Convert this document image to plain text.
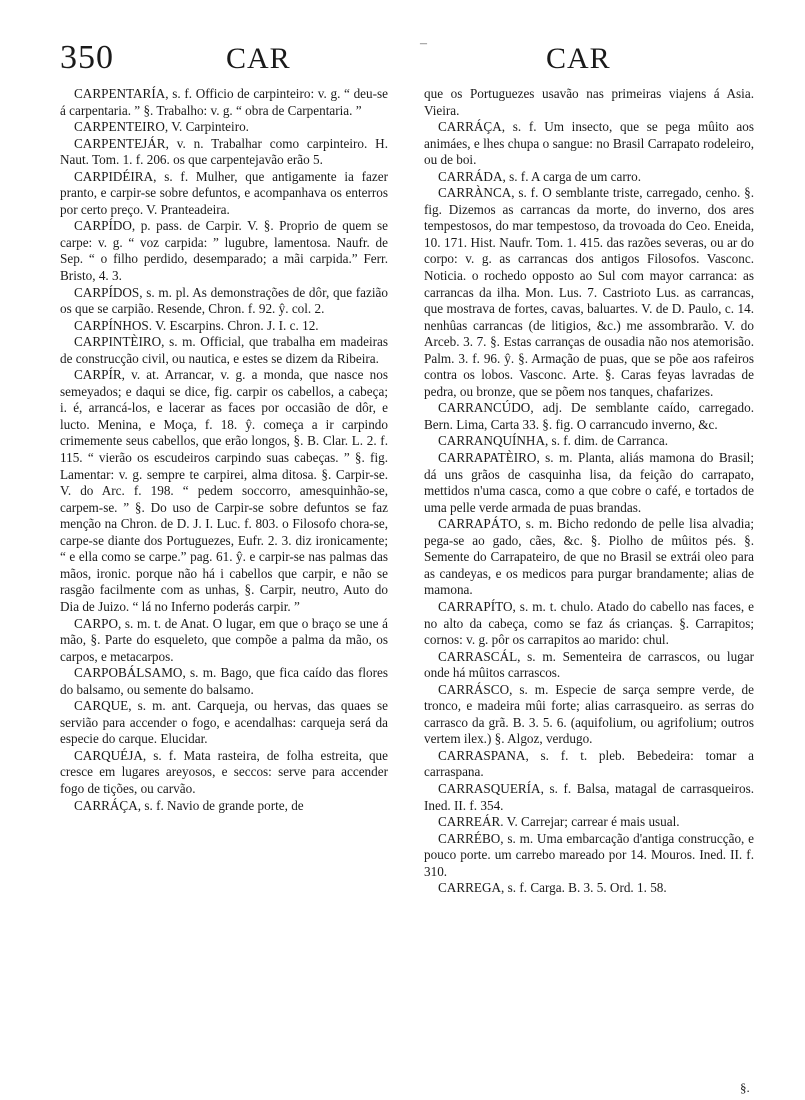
350	CAR	–	CAR

CARPENTARÍA, s. f. Officio de carpinteiro: v. g. “ deu-se á carpentaria. ” §. Trabalho: v. g. “ obra de Carpentaria. ”

CARPENTEIRO, V. Carpinteiro.

CARPENTEJÁR, v. n. Trabalhar como carpinteiro. H. Naut. Tom. 1. f. 206. os que carpentejavão erão 5.

CARPIDÉIRA, s. f. Mulher, que antigamente ia fazer pranto, e carpir-se sobre defuntos, e acompanhava os enterros por certo preço. V. Pranteadeira.

CARPÍDO, p. pass. de Carpir. V. §. Proprio de quem se carpe: v. g. “ voz carpida: ” lugubre, lamentosa. Naufr. de Sep. “ o filho perdido, desemparado; a mãi carpida.” Ferr. Bristo, 4. 3.

CARPÍDOS, s. m. pl. As demonstrações de dôr, que fazião os que se carpião. Resende, Chron. f. 92. ŷ. col. 2.

CARPÍNHOS. V. Escarpins. Chron. J. I. c. 12.

CARPINTÈIRO, s. m. Official, que trabalha em madeiras de construcção civil, ou nautica, e estes se dizem da Ribeira.

CARPÍR, v. at. Arrancar, v. g. a monda, que nasce nos semeyados; e daqui se dice, fig. carpir os cabellos, a cabeça; i. é, arrancá-los, e lacerar as faces por occasião de dôr, e lucto. Menina, e Moça, f. 18. ŷ. começa a ir carpindo crimemente seus cabellos, que erão longos, §. B. Clar. L. 2. f. 115. “ vierão os escudeiros carpindo suas cabeças. ” §. fig. Lamentar: v. g. sempre te carpirei, alma ditosa. §. Carpir-se. V. do Arc. f. 198. “ pedem soccorro, amesquinhão-se, carpem-se. ” §. Do uso de Carpir-se sobre defuntos se faz menção na Chron. de D. J. I. Luc. f. 803. o Filosofo chora-se, carpe-se diante dos Portuguezes, Eufr. 2. 3. diz ironicamente; “ e ella como se carpe.” pag. 61. ŷ. e carpir-se nas palmas das mãos, ironic. porque não há i cabellos que carpir, e não se rasgão facilmente com as unhas, §. Carpir, neutro, Auto do Dia de Juizo. “ lá no Inferno poderás carpir. ”

CARPO, s. m. t. de Anat. O lugar, em que o braço se une á mão, §. Parte do esqueleto, que compõe a palma da mão, os carpos, e metacarpos.

CARPOBÁLSAMO, s. m. Bago, que fica caído das flores do balsamo, ou semente do balsamo.

CARQUE, s. m. ant. Carqueja, ou hervas, das quaes se servião para accender o fogo, e acendalhas: carqueja será da especie do carque. Elucidar.

CARQUÉJA, s. f. Mata rasteira, de folha estreita, que cresce em lugares areyosos, e seccos: serve para accender fogo de tições, ou carvão.

CARRÁÇA, s. f. Navio de grande porte, de

que os Portuguezes usavão nas primeiras viajens á Asia. Vieira.

CARRÁÇA, s. f. Um insecto, que se pega mûito aos animáes, e lhes chupa o sangue: no Brasil Carrapato rodeleiro, ou de boi.

CARRÁDA, s. f. A carga de um carro.

CARRÀNCA, s. f. O semblante triste, carregado, cenho. §. fig. Dizemos as carrancas da morte, do inverno, dos ares tempestosos, do mar tempestoso, da trovoada do Ceo. Eneida, 10. 171. Hist. Naufr. Tom. 1. 415. das razões severas, ou ar do corpo: v. g. as carrancas dos antigos Filosofos. Vasconc. Noticia. o rochedo opposto ao Sul com mayor carranca: as carrancas da ilha. Mon. Lus. 7. Castrioto Lus. as carrancas, que mostrava de fortes, cavas, baluartes. V. de D. Paulo, c. 14. nenhûas carrancas (de litigios, &c.) me assombrarão. V. do Arceb. 3. 7. §. Estas carranças de ousadia não nos atemorisão. Palm. 3. f. 96. ŷ. §. Armação de puas, que se põe aos rafeiros contra os lobos. Vasconc. Arte. §. Caras feyas lavradas de pedra, ou bronze, que se põem nos tanques, chafarizes.

CARRANCÚDO, adj. De semblante caído, carregado. Bern. Lima, Carta 33. §. fig. O carrancudo inverno, &c.

CARRANQUÍNHA, s. f. dim. de Carranca.

CARRAPATÈIRO, s. m. Planta, aliás mamona do Brasil; dá uns grãos de casquinha lisa, da feição do carrapato, mettidos n'uma casca, como a que cobre o café, e tortados de uma pelle verde armada de puas brandas.

CARRAPÁTO, s. m. Bicho redondo de pelle lisa alvadia; pega-se ao gado, cães, &c. §. Piolho de mûitos pés. §. Semente do Carrapateiro, de que no Brasil se extrái oleo para as candeyas, e os medicos para purgar brandamente; alias de mamona.

CARRAPÍTO, s. m. t. chulo. Atado do cabello nas faces, e no alto da cabeça, como se faz ás crianças. §. Carrapitos; cornos: v. g. pôr os carrapitos ao marido: chul.

CARRASCÁL, s. m. Sementeira de carrascos, ou lugar onde há mûitos carrascos.

CARRÁSCO, s. m. Especie de sarça sempre verde, de tronco, e madeira mûi forte; alias carrasqueiro. as serras do carrasco da grã. B. 3. 5. 6. (aquifolium, ou agrifolium; outros vertem ilex.) §. Algoz, verdugo.

CARRASPANA, s. f. t. pleb. Bebedeira: tomar a carraspana.

CARRASQUERÍA, s. f. Balsa, matagal de carrasqueiros. Ined. II. f. 354.

CARREÁR. V. Carrejar; carrear é mais usual.

CARRÉBO, s. m. Uma embarcação d'antiga construcção, e pouco porte. um carrebo mareado por 14. Mouros. Ined. II. f. 310.

CARREGA, s. f. Carga. B. 3. 5. Ord. 1. 58.

§.
